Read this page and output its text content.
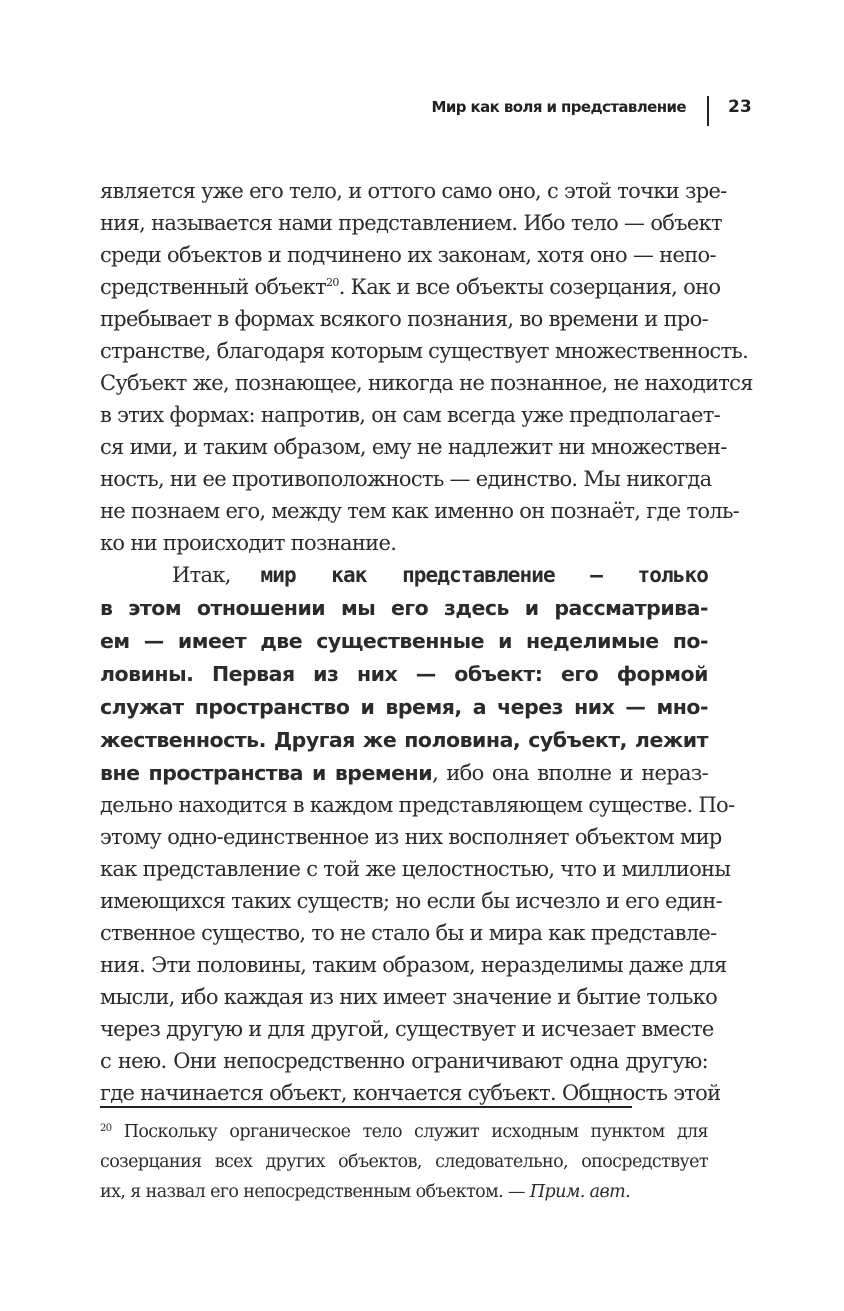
Мир как воля и представление 23
является уже его тело, и оттого само оно, с этой точки зре-
ния, называется нами представлением. Ибо тело — объект
среди объектов и подчинено их законам, хотя оно — непо-
средственный объект$^{20}$. Как и все объекты созерцания, оно
пребывает в формах всякого познания, во времени и про-
странстве, благодаря которым существует множественность.
Субъект же, познающее, никогда не познанное, не находится
в этих формах: напротив, он сам всегда уже предполагает-
ся ими, и таким образом, ему не надлежит ни множествен-
ность, ни ее противоположность — единство. Мы никогда
не познаем его, между тем как именно он познаёт, где толь-
ко ни происходит познание.
Итак, мир как представление — только
в этом отношении мы его здесь и рассматрива-
ем — имеет две существенные и неделимые по-
ловины. Первая из них — объект: его формой
служат пространство и время, а через них — мно-
жественность. Другая же половина, субъект, лежит
вне пространства и времени, ибо она вполне и нераз-
дельно находится в каждом представляющем существе. По-
этому одно-единственное из них восполняет объектом мир
как представление с той же целостностью, что и миллионы
имеющихся таких существ; но если бы исчезло и его един-
ственное существо, то не стало бы и мира как представле-
ния. Эти половины, таким образом, неразделимы даже для
мысли, ибо каждая из них имеет значение и бытие только
через другую и для другой, существует и исчезает вместе
с нею. Они непосредственно ограничивают одна другую:
где начинается объект, кончается субъект. Общность этой
$^{20}$ Поскольку органическое тело служит исходным пунктом для
созерцания всех других объектов, следовательно, опосредствует
их, я назвал его непосредственным объектом. — Прим. авт.
